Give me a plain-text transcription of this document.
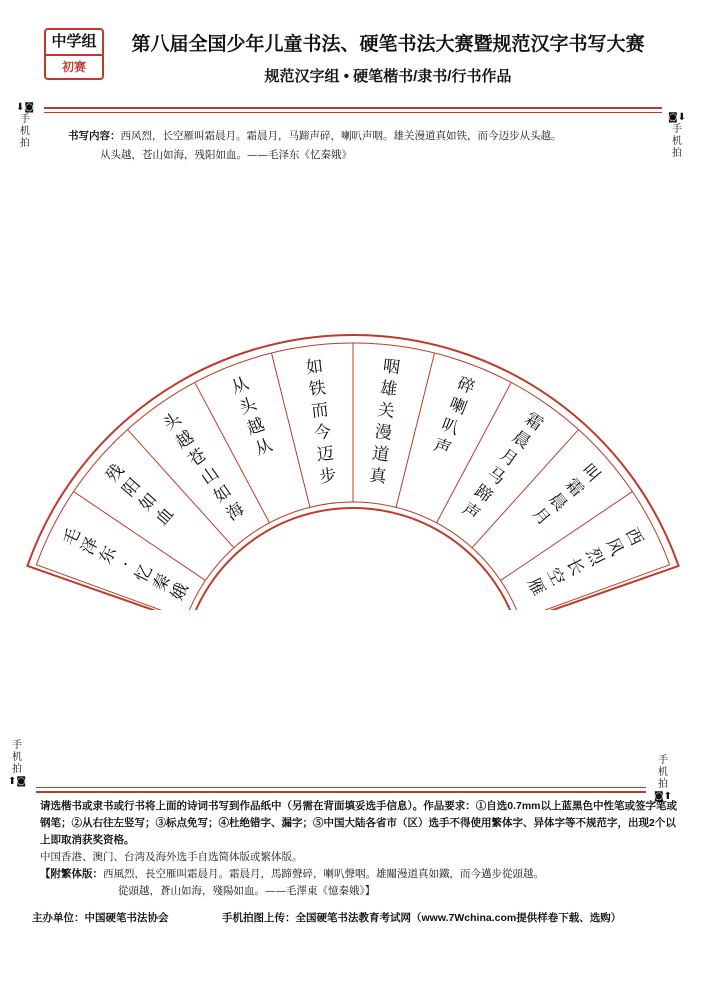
中学组
初赛
第八届全国少年儿童书法、硬笔书法大赛暨规范汉字书写大赛
规范汉字组 • 硬笔楷书/隶书/行书作品
⬇◙
手机拍
◙⬇
手机拍
书写内容：西风烈，长空雁叫霜晨月。霜晨月，马蹄声碎，喇叭声咽。雄关漫道真如铁，而今迈步从头越。
从头越，苍山如海，残阳如血。——毛泽东《忆秦娥》
毛
泽
东
·
忆
秦
娥
残
阳
如
血
头
越
苍
山
如
海
从
头
越
从
如
铁
而
今
迈
步
咽
雄
关
漫
道
真
碎
喇
叭
声
霜
晨
月
马
蹄
声
叫
霜
晨
月
西
风
烈
长
空
雁
手机拍
⬆◙
手机拍
◙⬆

请选楷书或隶书或行书将上面的诗词书写到作品纸中（另需在背面填妥选手信息）。作品要求：①自选0.7mm以上蓝黑色中性笔或签字笔或钢笔；②从右往左竖写；③标点免写；④杜绝错字、漏字；⑤中国大陆各省市（区）选手不得使用繁体字、异体字等不规范字，出现2个以上即取消获奖资格。

中国香港、澳门、台湾及海外选手自选简体版或繁体版。

【附繁体版：西風烈，長空雁叫霜晨月。霜晨月，馬蹄聲碎，喇叭聲咽。雄關漫道真如鐵，而今邁步從頭越。

從頭越，蒼山如海，殘陽如血。——毛澤東《憶秦娥》】

主办单位：中国硬笔书法协会	手机拍图上传：全国硬笔书法教育考试网（www.7Wchina.com提供样卷下载、选购）
